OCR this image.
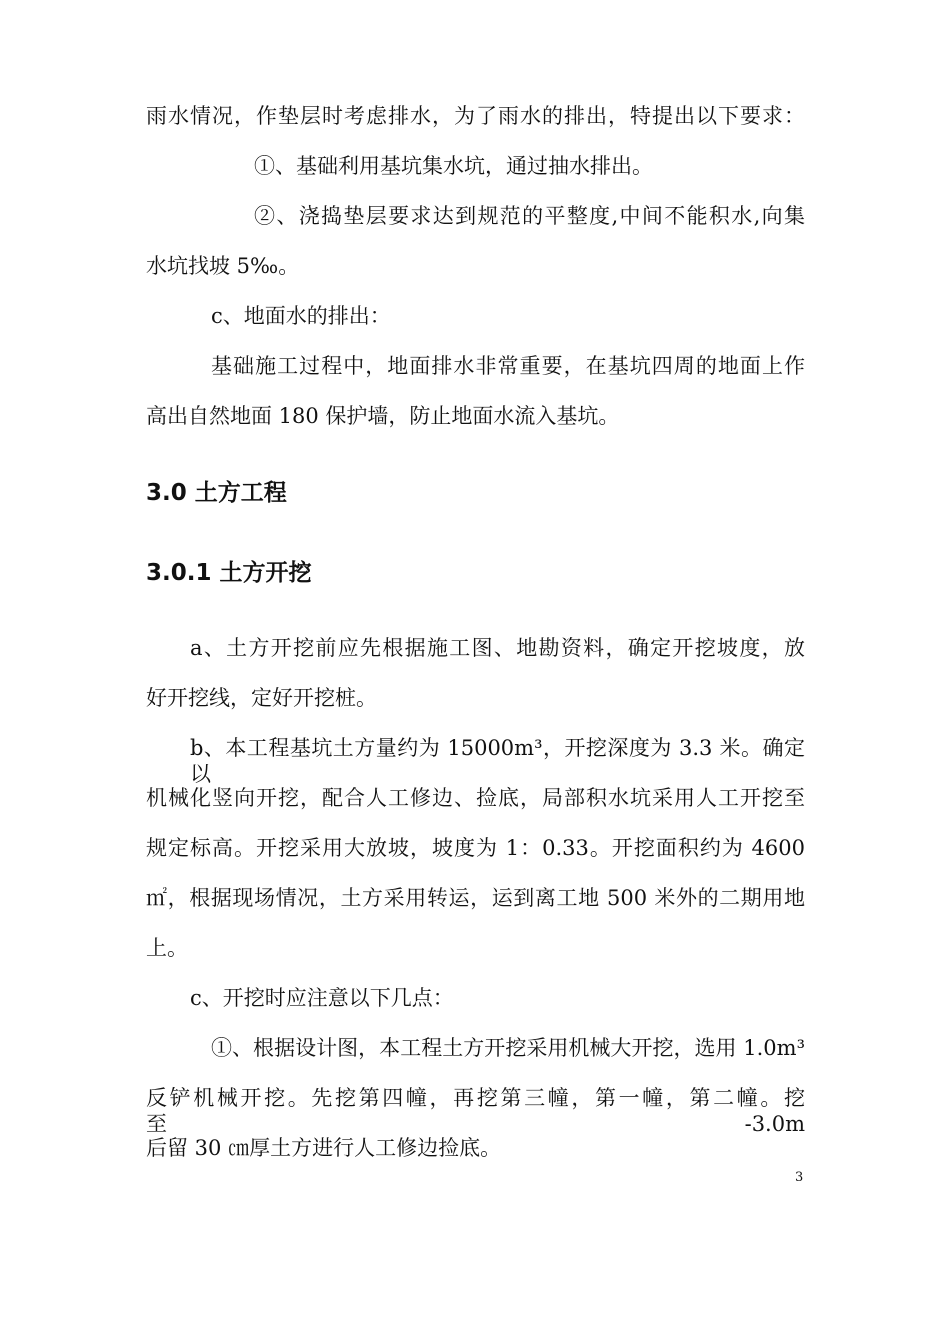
雨水情况，作垫层时考虑排水，为了雨水的排出，特提出以下要求：
①、基础利用基坑集水坑，通过抽水排出。
②、浇捣垫层要求达到规范的平整度,中间不能积水,向集
水坑找坡 5‰。
c、地面水的排出：
基础施工过程中，地面排水非常重要，在基坑四周的地面上作
高出自然地面 180 保护墙，防止地面水流入基坑。
3.0 土方工程
3.0.1 土方开挖
a、土方开挖前应先根据施工图、地勘资料，确定开挖坡度，放
好开挖线，定好开挖桩。
b、本工程基坑土方量约为 15000m³，开挖深度为 3.3 米。确定以
机械化竖向开挖，配合人工修边、捡底，局部积水坑采用人工开挖至
规定标高。开挖采用大放坡，坡度为 1：0.33。开挖面积约为 4600
㎡，根据现场情况，土方采用转运，运到离工地 500 米外的二期用地
上。
c、开挖时应注意以下几点：
①、根据设计图，本工程土方开挖采用机械大开挖，选用 1.0m³
反铲机械开挖。先挖第四幢，再挖第三幢，第一幢，第二幢。挖至-3.0m
后留 30 ㎝厚土方进行人工修边捡底。
3
